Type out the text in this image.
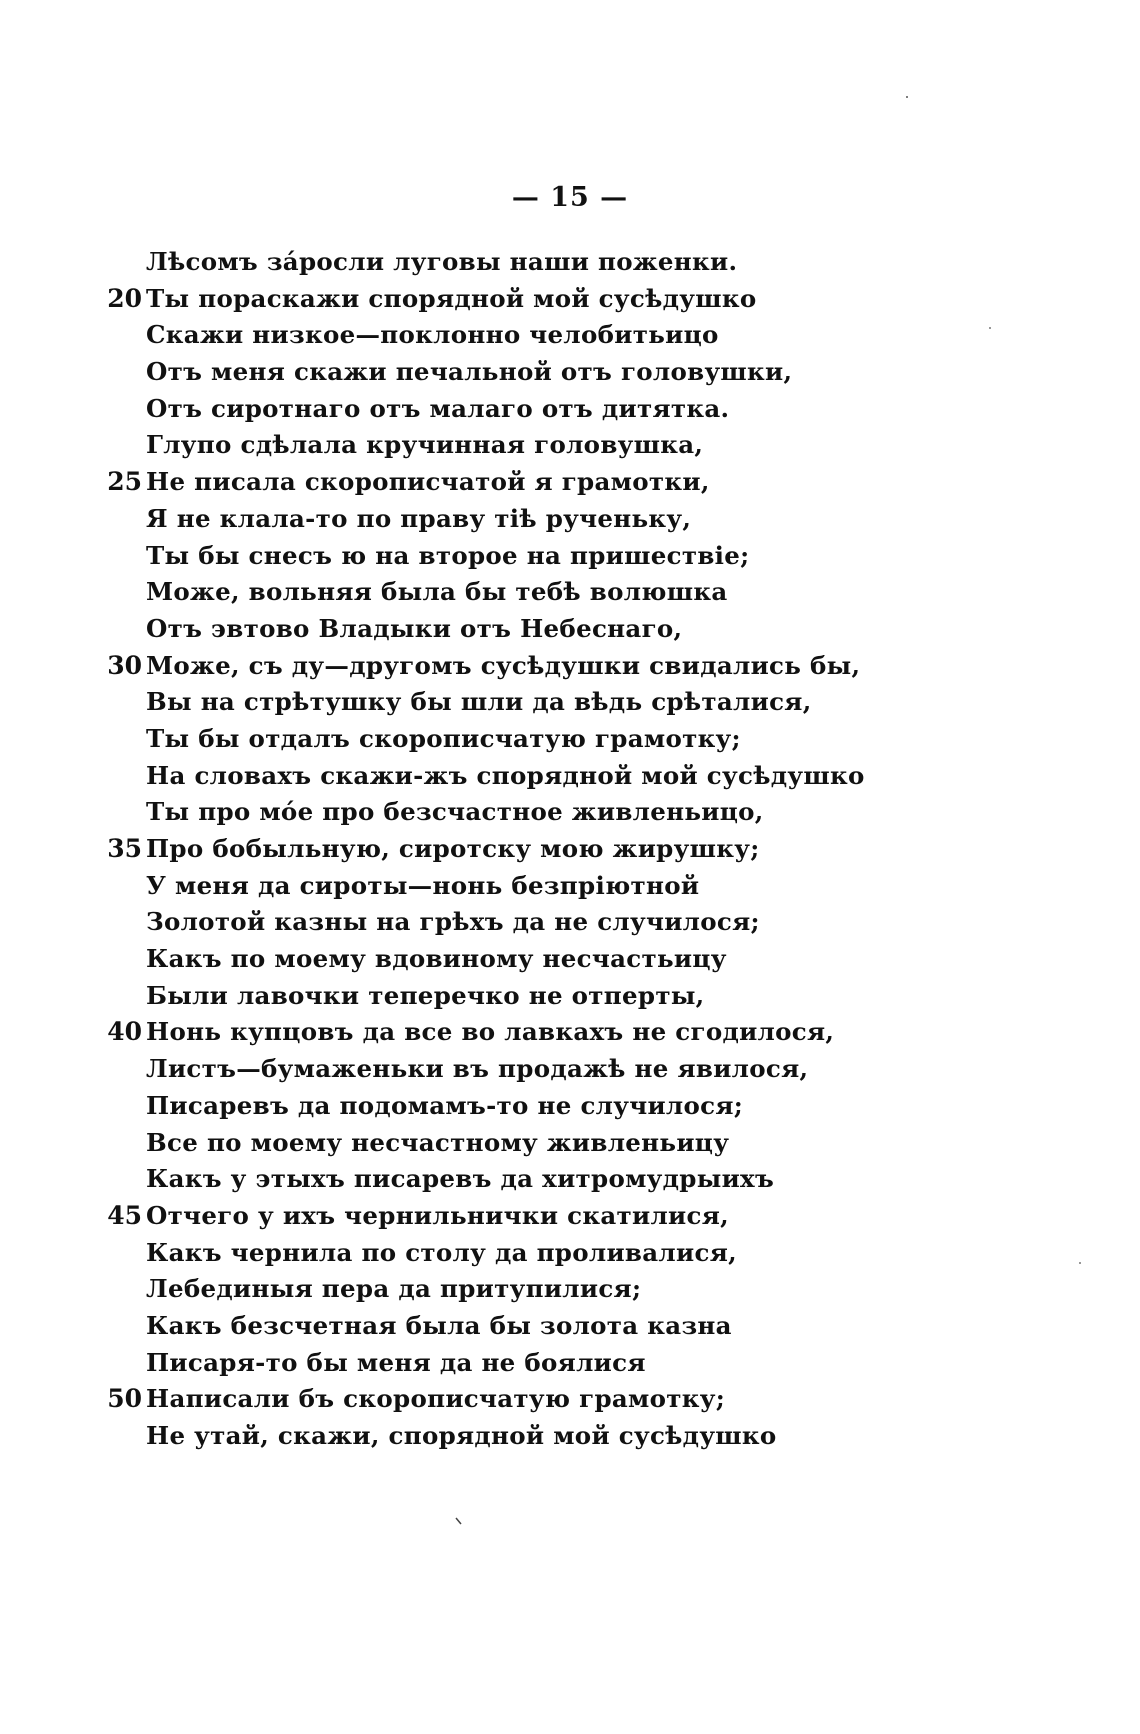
— 15 —
Лѣсомъ за́росли луговы наши поженки.
20 Ты пораскажи спорядной мой сусѣдушко
Скажи низкое—поклонно челобитьицо
Отъ меня скажи печальной отъ головушки,
Отъ сиротнаго отъ малаго отъ дитятка.
Глупо сдѣлала кручинная головушка,
25 Не писала скорописчатой я грамотки,
Я не клала-то по праву тіѣ рученьку,
Ты бы снесъ ю на второе на пришествіе;
Може, вольняя была бы тебѣ волюшка
Отъ эвтово Владыки отъ Небеснаго,
30 Може, съ ду—другомъ сусѣдушки свидались бы,
Вы на стрѣтушку бы шли да вѣдь срѣталися,
Ты бы отдалъ скорописчатую грамотку;
На словахъ скажи-жъ спорядной мой сусѣдушко
Ты про мо́е про безсчастное живленьицо,
35 Про бобыльную, сиротску мою жирушку;
У меня да сироты—нонь безпріютной
Золотой казны на грѣхъ да не случилося;
Какъ по моему вдовиному несчастьицу
Были лавочки теперечко не отперты,
40 Нонь купцовъ да все во лавкахъ не сгодилося,
Листъ—бумаженьки въ продажѣ не явилося,
Писаревъ да подомамъ-то не случилося;
Все по моему несчастному живленьицу
Какъ у этыхъ писаревъ да хитромудрыихъ
45 Отчего у ихъ чернильнички скатилися,
Какъ чернила по столу да проливалися,
Лебединыя пера да притупилися;
Какъ безсчетная была бы золота казна
Писаря-то бы меня да не боялися
50 Написали бъ скорописчатую грамотку;
Не утай, скажи, спорядной мой сусѣдушко
